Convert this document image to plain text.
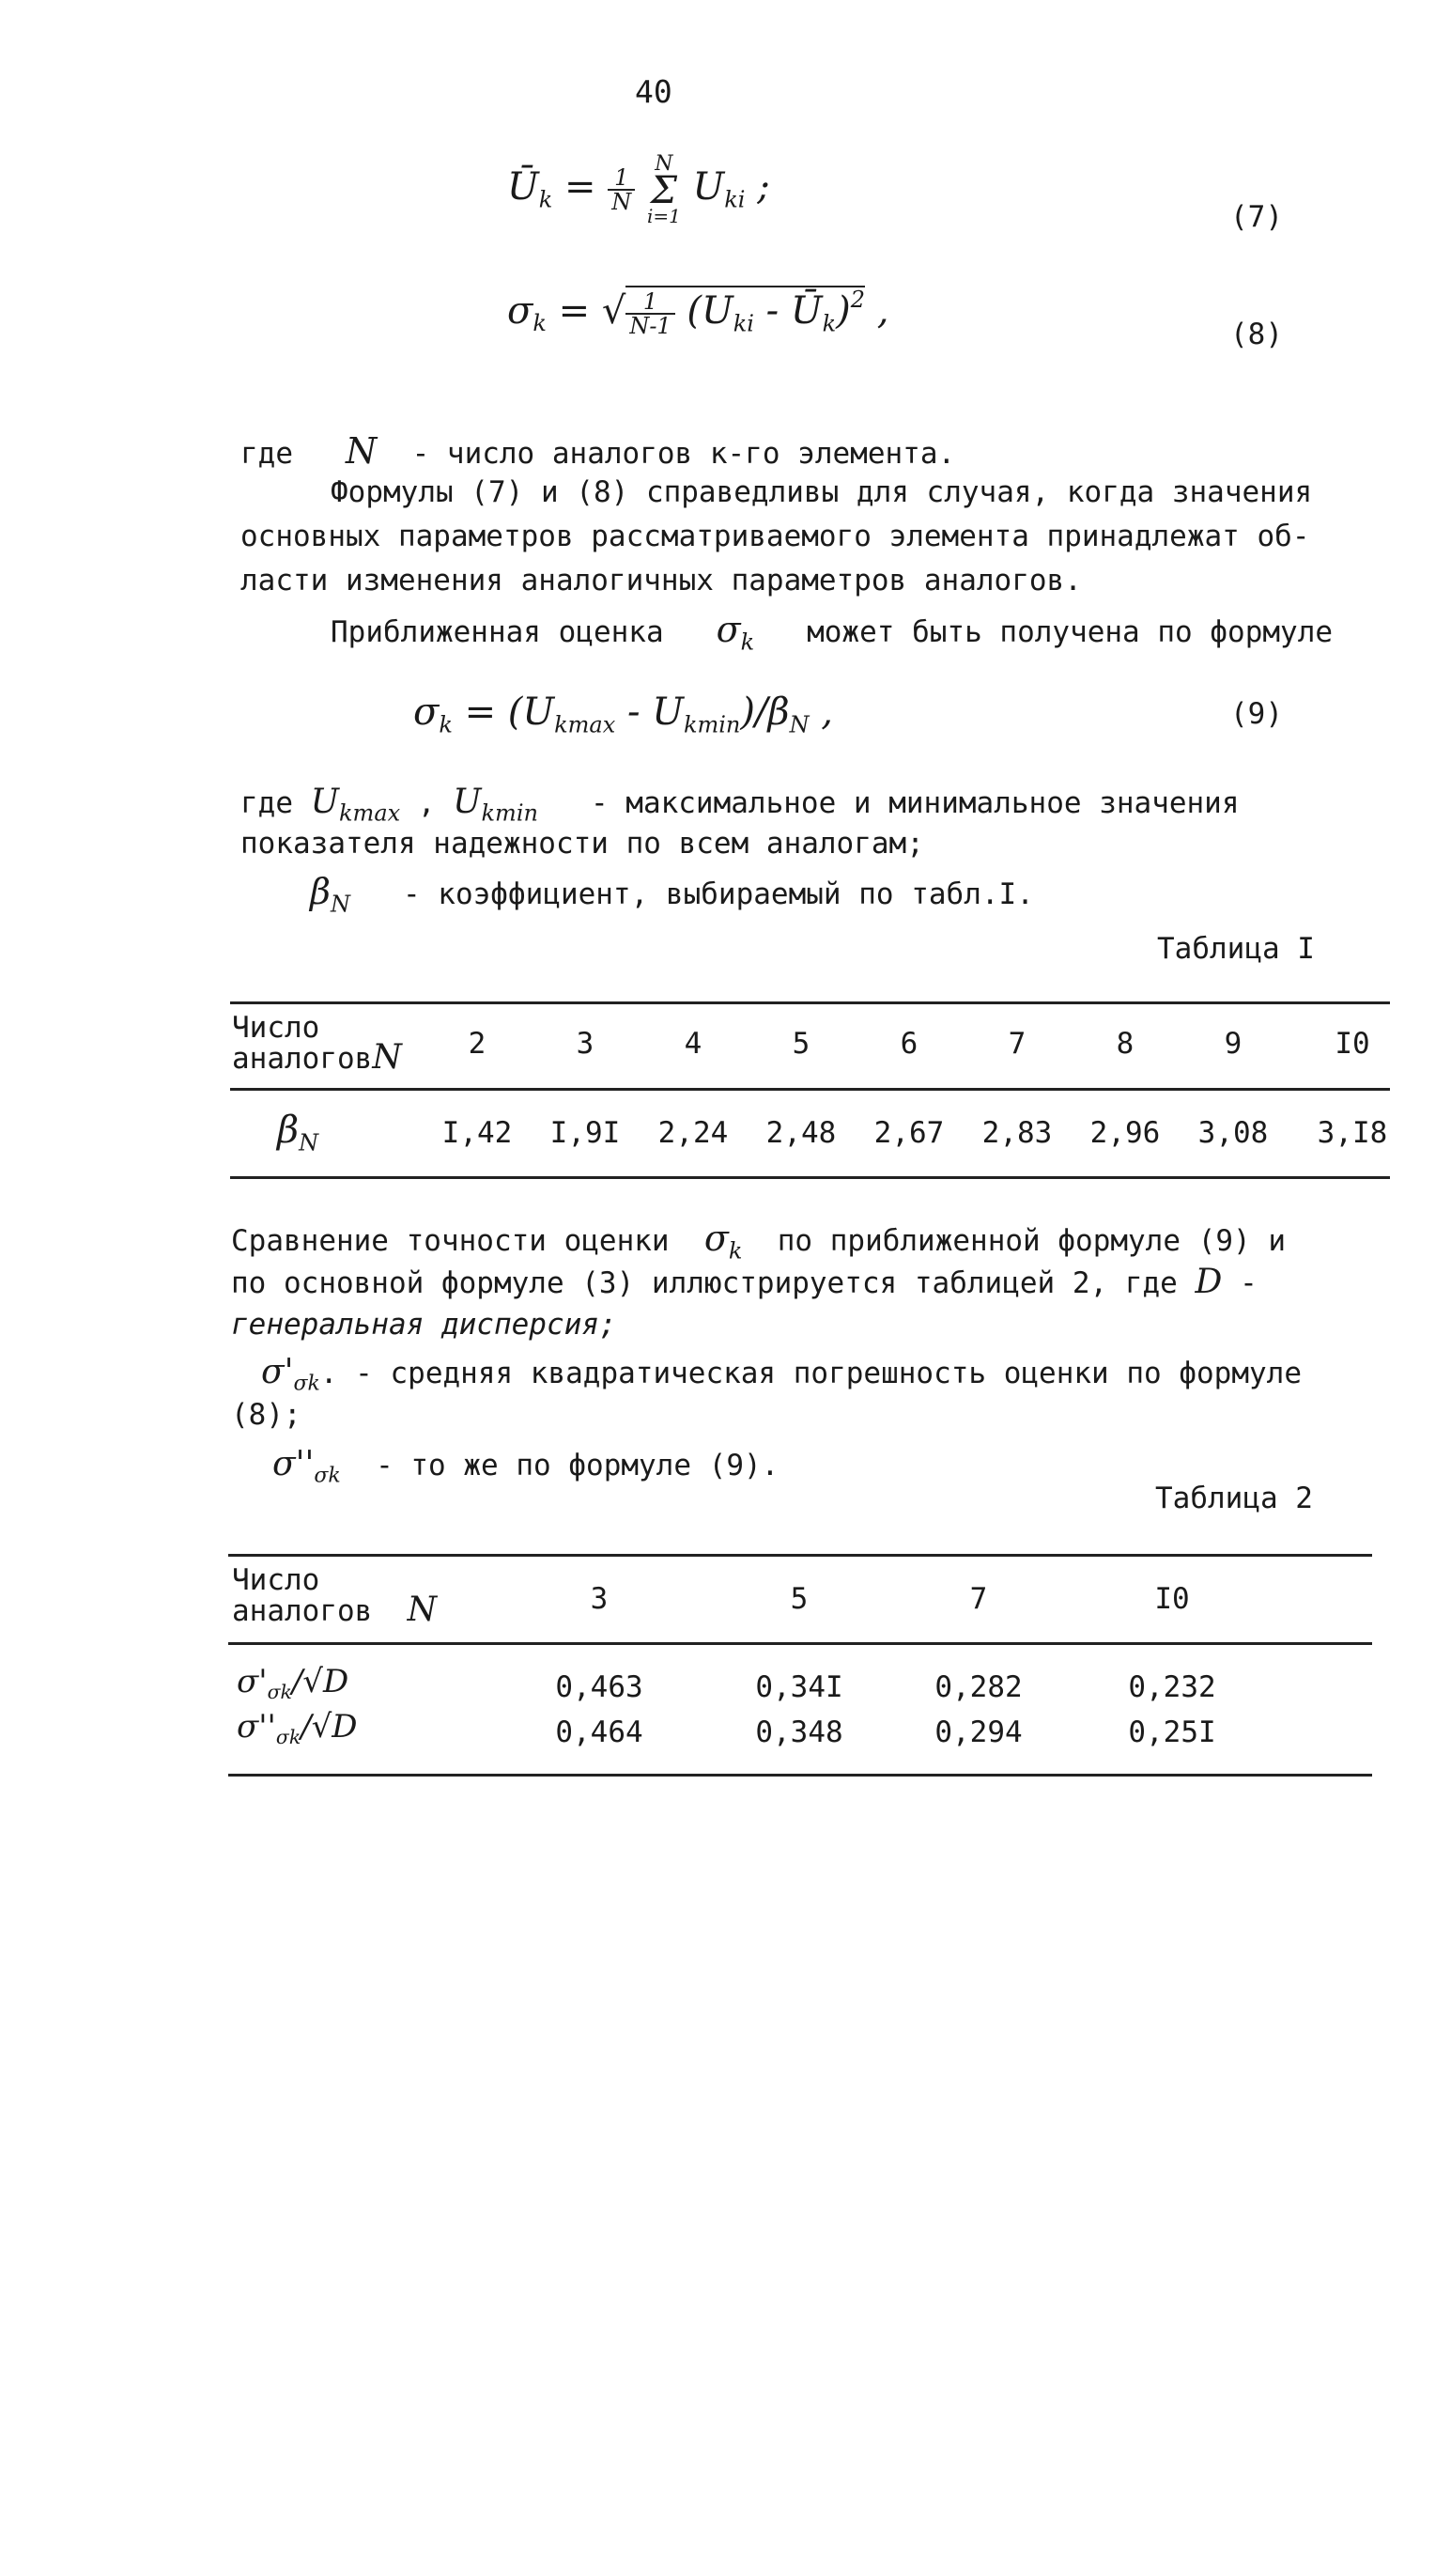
40
$Ū_k = \frac{1}{N}$

N
Σ
i=1
$U_{ki}$ ;
(7)
$\sigma_k$ = √ $\frac{1}{N-1} (U_{ki}$ - $Ū_k)^2$ ,
(8)
где N - число аналогов к-го элемента.
Формулы (7) и (8) справедливы для случая, когда значения
основных параметров рассматриваемого элемента принадлежат об-
ласти изменения аналогичных параметров аналогов.
Приближенная оценка $\sigma_k$ может быть получена по формуле
$\sigma_k = (U_{kmax} - U_{kmin})/\beta_N$ ,	(9)
где $U_{kmax}$ , $U_{kmin}$ - максимальное и минимальное значения
показателя надежности по всем аналогам;
$\beta_N$ - коэффициент, выбираемый по табл.I.
Таблица I
Число
аналоговN	2	3	4	5	6	7	8	9	I0
$\beta_N$	I,42	I,9I	2,24	2,48	2,67	2,83	2,96	3,08	3,I8
Сравнение точности оценки $\sigma_k$ по приближенной формуле (9) и
по основной формуле (3) иллюстрируется таблицей 2, где D -
генеральная дисперсия;
$\sigma'_{\sigma k}$. - средняя квадратическая погрешность оценки по формуле
(8);
$\sigma''_{\sigma k}$ - то же по формуле (9).
Таблица 2
Число
аналогов N	3	5	7	I0
$\sigma'_{\sigma k}/√D$	0,463	0,34I	0,282	0,232
$\sigma''_{\sigma k}/√D$	0,464	0,348	0,294	0,25I
